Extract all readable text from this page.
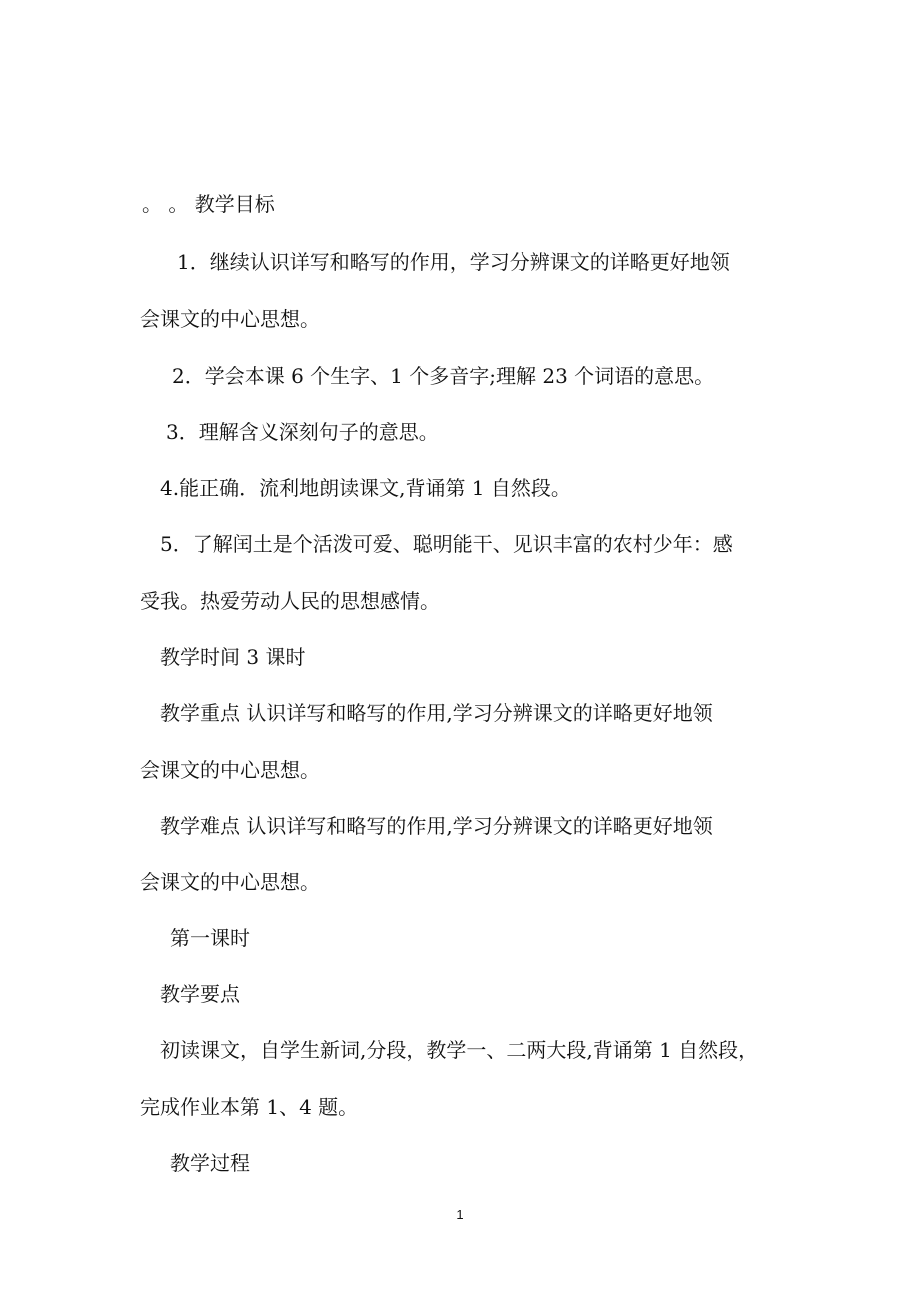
。 。 教学目标
1．继续认识详写和略写的作用，学习分辨课文的详略更好地领
会课文的中心思想。
2．学会本课 6 个生字、1 个多音字;理解 23 个词语的意思。
3．理解含义深刻句子的意思。
4.能正确．流利地朗读课文,背诵第 1 自然段。
5．了解闰土是个活泼可爱、聪明能干、见识丰富的农村少年：感
受我。热爱劳动人民的思想感情。
教学时间 3 课时
教学重点 认识详写和略写的作用,学习分辨课文的详略更好地领
会课文的中心思想。
教学难点 认识详写和略写的作用,学习分辨课文的详略更好地领
会课文的中心思想。
第一课时
教学要点
初读课文，自学生新词,分段，教学一、二两大段,背诵第 1 自然段，
完成作业本第 1、4 题。
教学过程
1
